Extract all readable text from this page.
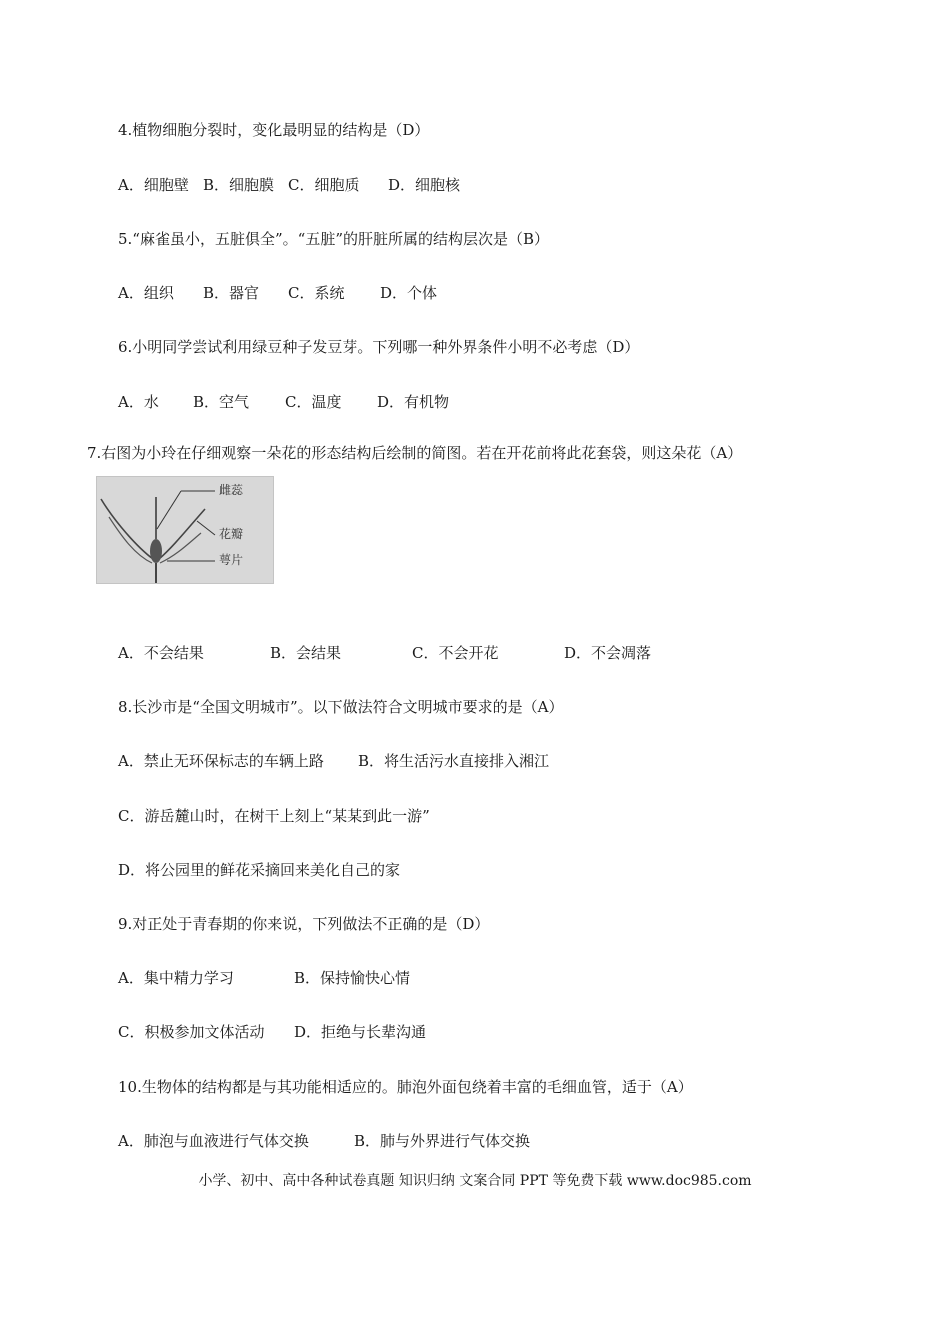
4.植物细胞分裂时，变化最明显的结构是（D）
A．细胞壁 B．细胞膜 C．细胞质 D．细胞核
5.“麻雀虽小，五脏俱全”。“五脏”的肝脏所属的结构层次是（B）
A．组织 B．器官 C．系统 D．个体
6.小明同学尝试利用绿豆种子发豆芽。下列哪一种外界条件小明不必考虑（D）
A．水 B．空气 C．温度 D．有机物
7.右图为小玲在仔细观察一朵花的形态结构后绘制的简图。若在开花前将此花套袋，则这朵花（A）
雌蕊
花瓣
萼片
A．不会结果	B．会结果	C．不会开花	D．不会凋落
8.长沙市是“全国文明城市”。以下做法符合文明城市要求的是（A）
A．禁止无环保标志的车辆上路 B．将生活污水直接排入湘江
C．游岳麓山时，在树干上刻上“某某到此一游”
D．将公园里的鲜花采摘回来美化自己的家
9.对正处于青春期的你来说，下列做法不正确的是（D）
A．集中精力学习	B．保持愉快心情
C．积极参加文体活动 D．拒绝与长辈沟通
10.生物体的结构都是与其功能相适应的。肺泡外面包绕着丰富的毛细血管，适于（A）
A．肺泡与血液进行气体交换	B．肺与外界进行气体交换
小学、初中、高中各种试卷真题 知识归纳 文案合同 PPT 等免费下载 www.doc985.com
